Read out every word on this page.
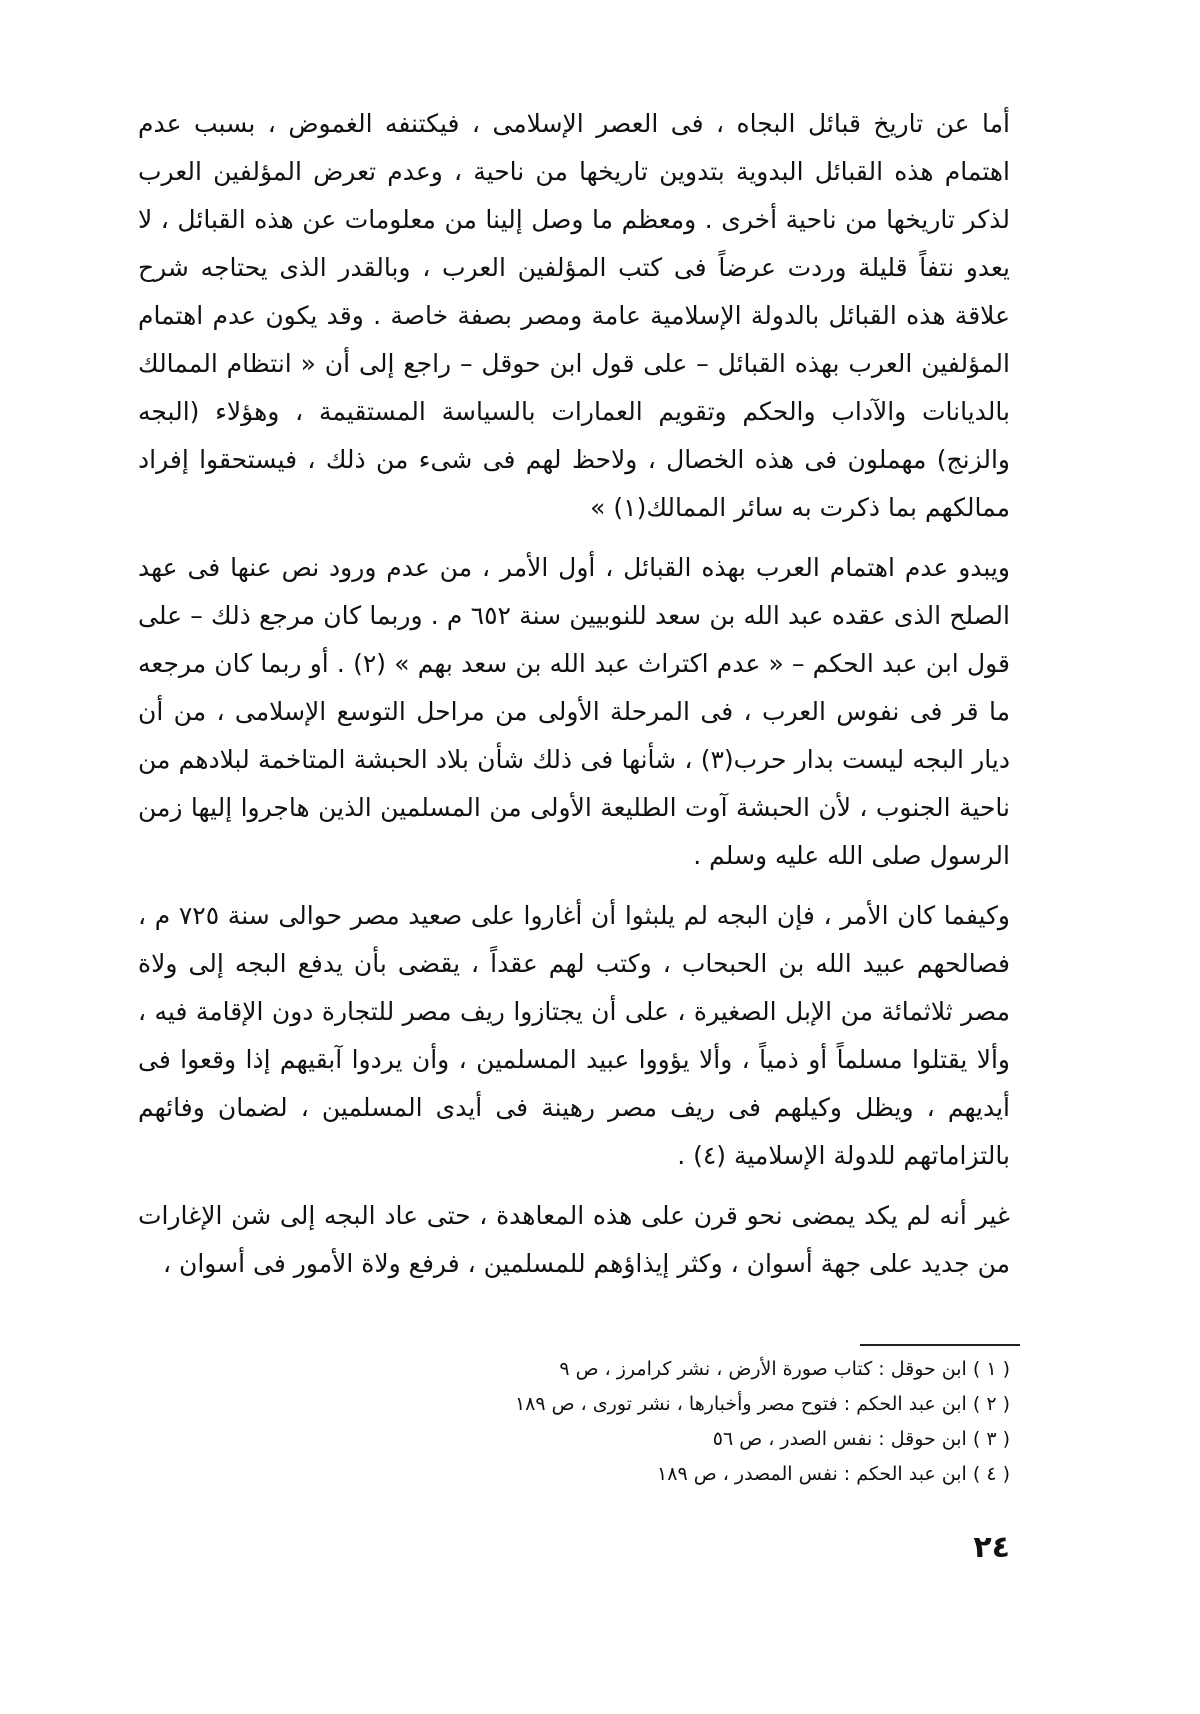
أما عن تاريخ قبائل البجاه ، فى العصر الإسلامى ، فيكتنفه الغموض ، بسبب عدم اهتمام هذه القبائل البدوية بتدوين تاريخها من ناحية ، وعدم تعرض المؤلفين العرب لذكر تاريخها من ناحية أخرى . ومعظم ما وصل إلينا من معلومات عن هذه القبائل ، لا يعدو نتفاً قليلة وردت عرضاً فى كتب المؤلفين العرب ، وبالقدر الذى يحتاجه شرح علاقة هذه القبائل بالدولة الإسلامية عامة ومصر بصفة خاصة . وقد يكون عدم اهتمام المؤلفين العرب بهذه القبائل – على قول ابن حوقل – راجع إلى أن « انتظام الممالك بالديانات والآداب والحكم وتقويم العمارات بالسياسة المستقيمة ، وهؤلاء (البجه والزنج) مهملون فى هذه الخصال ، ولاحظ لهم فى شىء من ذلك ، فيستحقوا إفراد ممالكهم بما ذكرت به سائر الممالك(١) »

ويبدو عدم اهتمام العرب بهذه القبائل ، أول الأمر ، من عدم ورود نص عنها فى عهد الصلح الذى عقده عبد الله بن سعد للنوبيين سنة ٦٥٢ م . وربما كان مرجع ذلك – على قول ابن عبد الحكم – « عدم اكتراث عبد الله بن سعد بهم » (٢) . أو ربما كان مرجعه ما قر فى نفوس العرب ، فى المرحلة الأولى من مراحل التوسع الإسلامى ، من أن ديار البجه ليست بدار حرب(٣) ، شأنها فى ذلك شأن بلاد الحبشة المتاخمة لبلادهم من ناحية الجنوب ، لأن الحبشة آوت الطليعة الأولى من المسلمين الذين هاجروا إليها زمن الرسول صلى الله عليه وسلم .

وكيفما كان الأمر ، فإن البجه لم يلبثوا أن أغاروا على صعيد مصر حوالى سنة ٧٢٥ م ، فصالحهم عبيد الله بن الحبحاب ، وكتب لهم عقداً ، يقضى بأن يدفع البجه إلى ولاة مصر ثلاثمائة من الإبل الصغيرة ، على أن يجتازوا ريف مصر للتجارة دون الإقامة فيه ، وألا يقتلوا مسلماً أو ذمياً ، وألا يؤووا عبيد المسلمين ، وأن يردوا آبقيهم إذا وقعوا فى أيديهم ، ويظل وكيلهم فى ريف مصر رهينة فى أيدى المسلمين ، لضمان وفائهم بالتزاماتهم للدولة الإسلامية (٤) .

غير أنه لم يكد يمضى نحو قرن على هذه المعاهدة ، حتى عاد البجه إلى شن الإغارات من جديد على جهة أسوان ، وكثر إيذاؤهم للمسلمين ، فرفع ولاة الأمور فى أسوان ،

( ١ ) ابن حوقل : كتاب صورة الأرض ، نشر كرامرز ، ص ٩

( ٢ ) ابن عبد الحكم : فتوح مصر وأخبارها ، نشر تورى ، ص ١٨٩

( ٣ ) ابن حوقل : نفس الصدر ، ص ٥٦

( ٤ ) ابن عبد الحكم : نفس المصدر ، ص ١٨٩

٢٤
